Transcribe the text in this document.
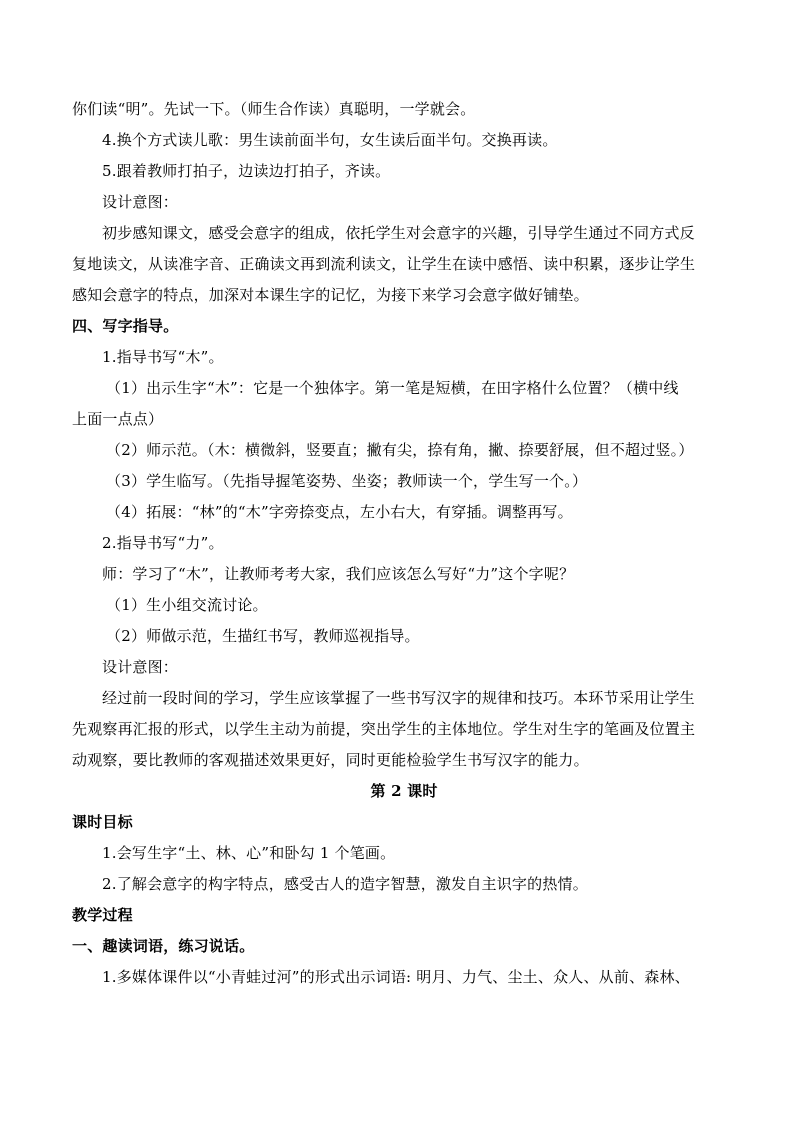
你们读“明”。先试一下。（师生合作读）真聪明，一学就会。
4.换个方式读儿歌：男生读前面半句，女生读后面半句。交换再读。
5.跟着教师打拍子，边读边打拍子，齐读。
设计意图：
初步感知课文，感受会意字的组成，依托学生对会意字的兴趣，引导学生通过不同方式反
复地读文，从读准字音、正确读文再到流利读文，让学生在读中感悟、读中积累，逐步让学生
感知会意字的特点，加深对本课生字的记忆，为接下来学习会意字做好铺垫。
四、写字指导。
1.指导书写“木”。
（1）出示生字“木”：它是一个独体字。第一笔是短横，在田字格什么位置？（横中线
上面一点点）
（2）师示范。（木：横微斜，竖要直；撇有尖，捺有角，撇、捺要舒展，但不超过竖。）
（3）学生临写。（先指导握笔姿势、坐姿；教师读一个，学生写一个。）
（4）拓展：“林”的“木”字旁捺变点，左小右大，有穿插。调整再写。
2.指导书写“力”。
师：学习了“木”，让教师考考大家，我们应该怎么写好“力”这个字呢？
（1）生小组交流讨论。
（2）师做示范，生描红书写，教师巡视指导。
设计意图：
经过前一段时间的学习，学生应该掌握了一些书写汉字的规律和技巧。本环节采用让学生
先观察再汇报的形式，以学生主动为前提，突出学生的主体地位。学生对生字的笔画及位置主
动观察，要比教师的客观描述效果更好，同时更能检验学生书写汉字的能力。
第 2 课时
课时目标
1.会写生字“土、林、心”和卧勾 1 个笔画。
2.了解会意字的构字特点，感受古人的造字智慧，激发自主识字的热情。
教学过程
一、趣读词语，练习说话。
1.多媒体课件以“小青蛙过河”的形式出示词语: 明月、力气、尘土、众人、从前、森林、
